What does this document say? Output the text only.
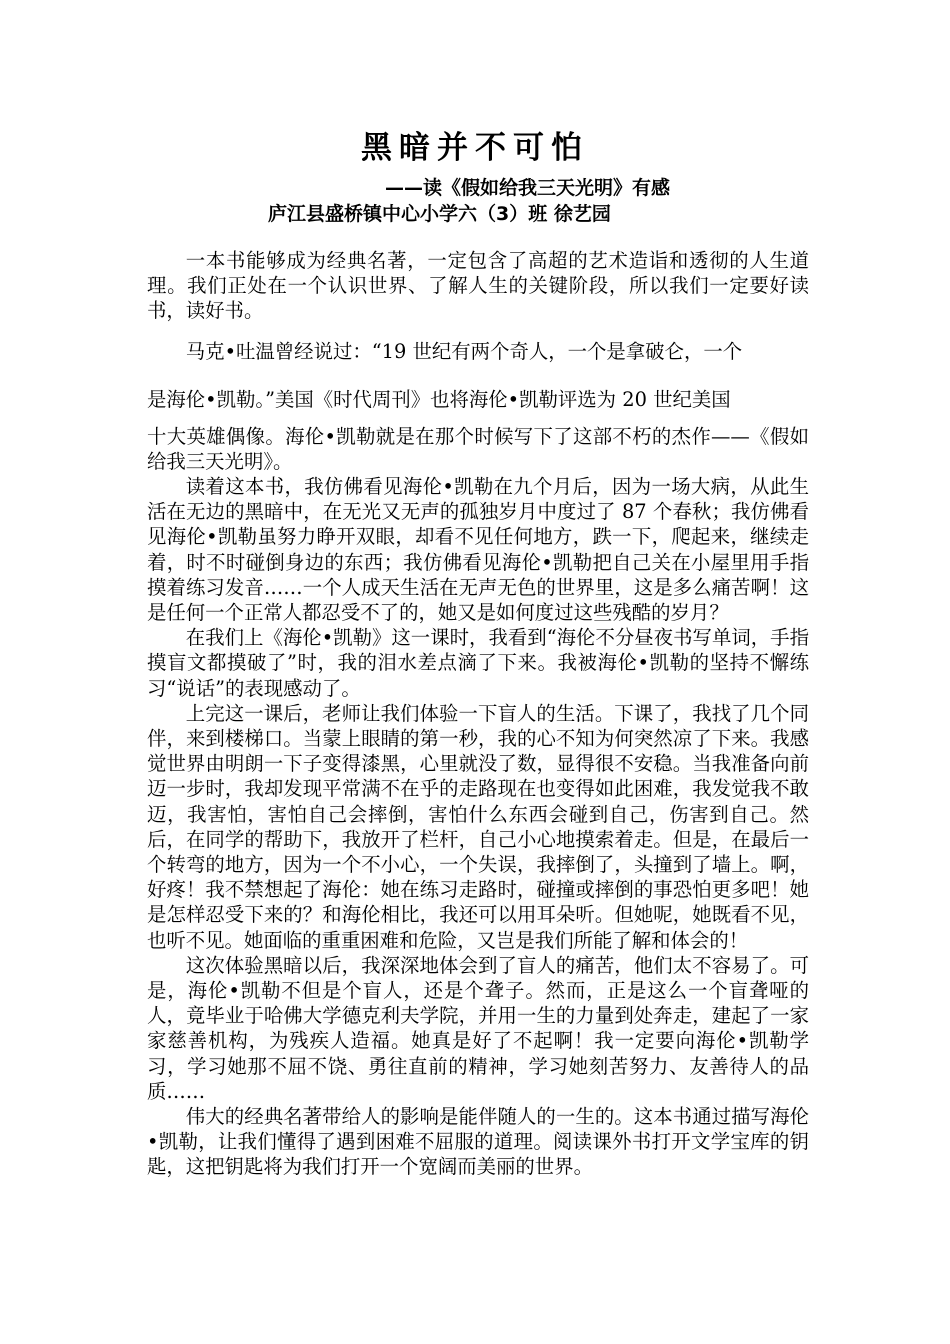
黑暗并不可怕
——读《假如给我三天光明》有感
庐江县盛桥镇中心小学六（3）班 徐艺园

一本书能够成为经典名著，一定包含了高超的艺术造诣和透彻的人生道理。我们正处在一个认识世界、了解人生的关键阶段，所以我们一定要好读书，读好书。

马克•吐温曾经说过：“19 世纪有两个奇人，一个是拿破仑，一个
是海伦•凯勒。”美国《时代周刊》也将海伦•凯勒评选为 20 世纪美国

十大英雄偶像。海伦•凯勒就是在那个时候写下了这部不朽的杰作——《假如给我三天光明》。

读着这本书，我仿佛看见海伦•凯勒在九个月后，因为一场大病，从此生活在无边的黑暗中，在无光又无声的孤独岁月中度过了 87 个春秋；我仿佛看见海伦•凯勒虽努力睁开双眼，却看不见任何地方，跌一下，爬起来，继续走着，时不时碰倒身边的东西；我仿佛看见海伦•凯勒把自己关在小屋里用手指摸着练习发音……一个人成天生活在无声无色的世界里，这是多么痛苦啊！这是任何一个正常人都忍受不了的，她又是如何度过这些残酷的岁月？

在我们上《海伦•凯勒》这一课时，我看到“海伦不分昼夜书写单词，手指摸盲文都摸破了”时，我的泪水差点滴了下来。我被海伦•凯勒的坚持不懈练习“说话”的表现感动了。

上完这一课后，老师让我们体验一下盲人的生活。下课了，我找了几个同伴，来到楼梯口。当蒙上眼睛的第一秒，我的心不知为何突然凉了下来。我感觉世界由明朗一下子变得漆黑，心里就没了数，显得很不安稳。当我准备向前迈一步时，我却发现平常满不在乎的走路现在也变得如此困难，我发觉我不敢迈，我害怕，害怕自己会摔倒，害怕什么东西会碰到自己，伤害到自己。然后，在同学的帮助下，我放开了栏杆，自己小心地摸索着走。但是，在最后一个转弯的地方，因为一个不小心，一个失误，我摔倒了，头撞到了墙上。啊，好疼！我不禁想起了海伦：她在练习走路时，碰撞或摔倒的事恐怕更多吧！她是怎样忍受下来的？和海伦相比，我还可以用耳朵听。但她呢，她既看不见，也听不见。她面临的重重困难和危险，又岂是我们所能了解和体会的！

这次体验黑暗以后，我深深地体会到了盲人的痛苦，他们太不容易了。可是，海伦•凯勒不但是个盲人，还是个聋子。然而，正是这么一个盲聋哑的人，竟毕业于哈佛大学德克利夫学院，并用一生的力量到处奔走，建起了一家家慈善机构，为残疾人造福。她真是好了不起啊！我一定要向海伦•凯勒学习，学习她那不屈不饶、勇往直前的精神，学习她刻苦努力、友善待人的品质……

伟大的经典名著带给人的影响是能伴随人的一生的。这本书通过描写海伦•凯勒，让我们懂得了遇到困难不屈服的道理。阅读课外书打开文学宝库的钥匙，这把钥匙将为我们打开一个宽阔而美丽的世界。
